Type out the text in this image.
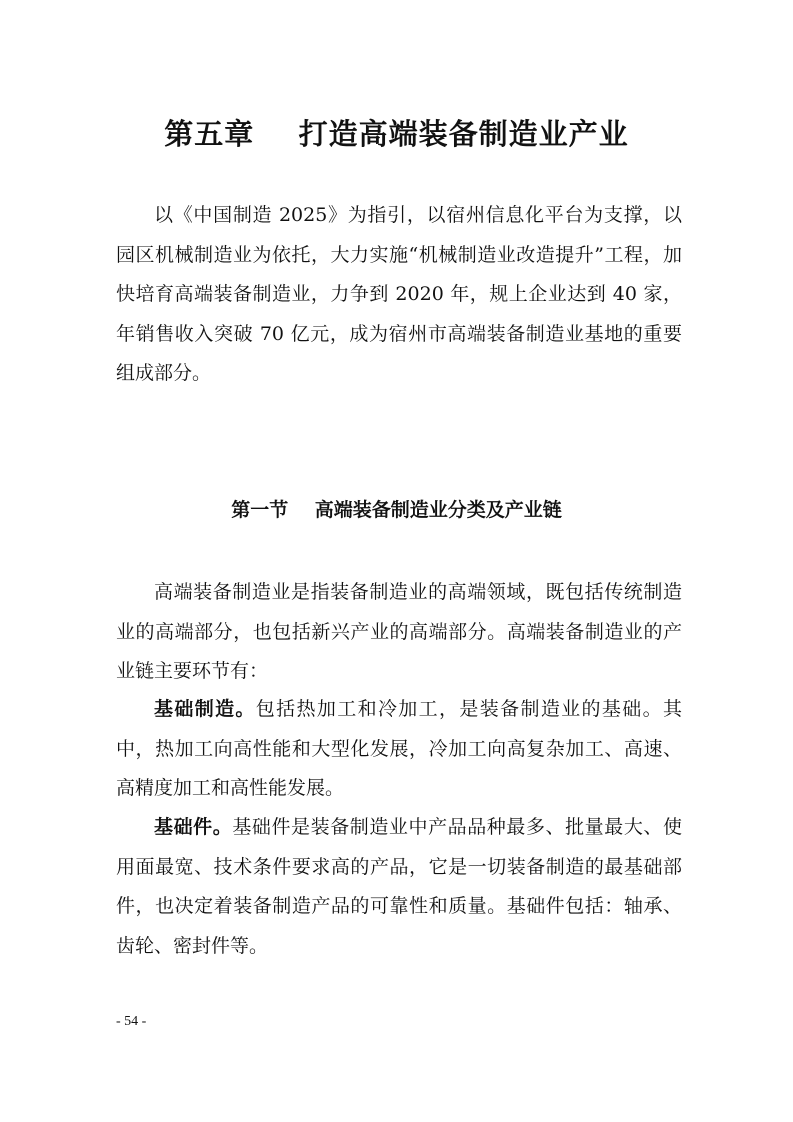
第五章    打造高端装备制造业产业

以《中国制造 2025》为指引，以宿州信息化平台为支撑，以园区机械制造业为依托，大力实施“机械制造业改造提升”工程，加快培育高端装备制造业，力争到 2020 年，规上企业达到 40 家，年销售收入突破 70 亿元，成为宿州市高端装备制造业基地的重要组成部分。

第一节    高端装备制造业分类及产业链

高端装备制造业是指装备制造业的高端领域，既包括传统制造业的高端部分，也包括新兴产业的高端部分。高端装备制造业的产业链主要环节有：

基础制造。包括热加工和冷加工，是装备制造业的基础。其中，热加工向高性能和大型化发展，冷加工向高复杂加工、高速、高精度加工和高性能发展。

基础件。基础件是装备制造业中产品品种最多、批量最大、使用面最宽、技术条件要求高的产品，它是一切装备制造的最基础部件，也决定着装备制造产品的可靠性和质量。基础件包括：轴承、齿轮、密封件等。

- 54 -
